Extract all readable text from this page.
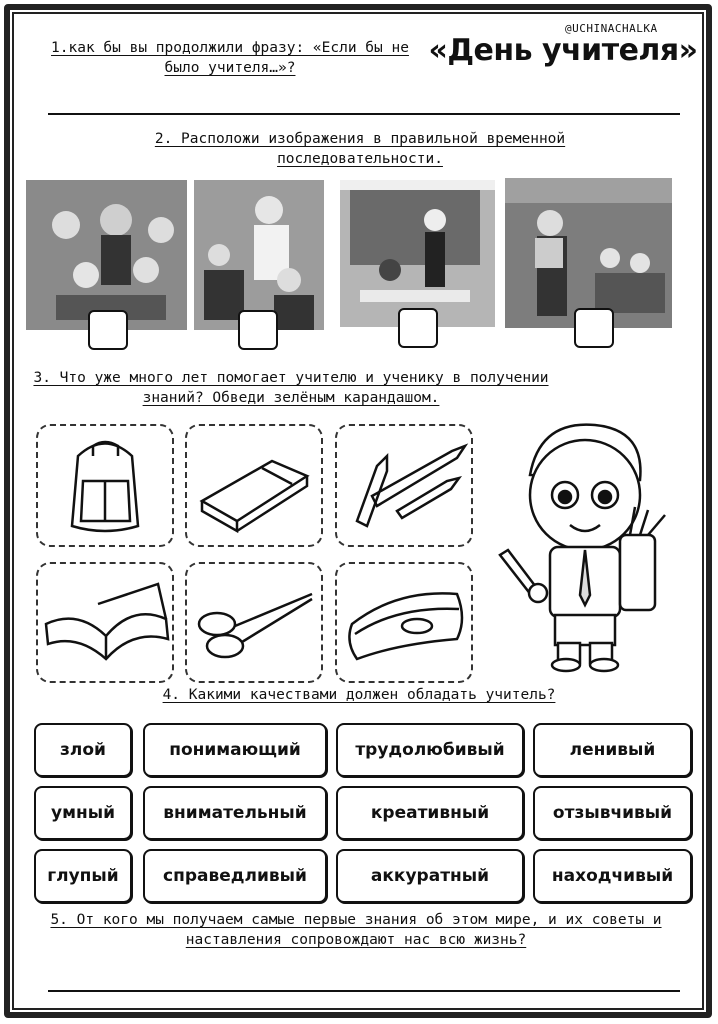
@UCHINACHALKA
1.как бы вы продолжили фразу: «Если бы не было учителя…»?	«День учителя»
2. Расположи изображения в правильной временной последовательности.
3. Что уже много лет помогает учителю и ученику в получении знаний? Обведи зелёным карандашом.
4. Какими качествами должен обладать учитель?
злой	понимающий	трудолюбивый	ленивый
умный	внимательный	креативный	отзывчивый
глупый	справедливый	аккуратный	находчивый
5. От кого мы получаем самые первые знания об этом мире, и их советы и наставления сопровождают нас всю жизнь?
